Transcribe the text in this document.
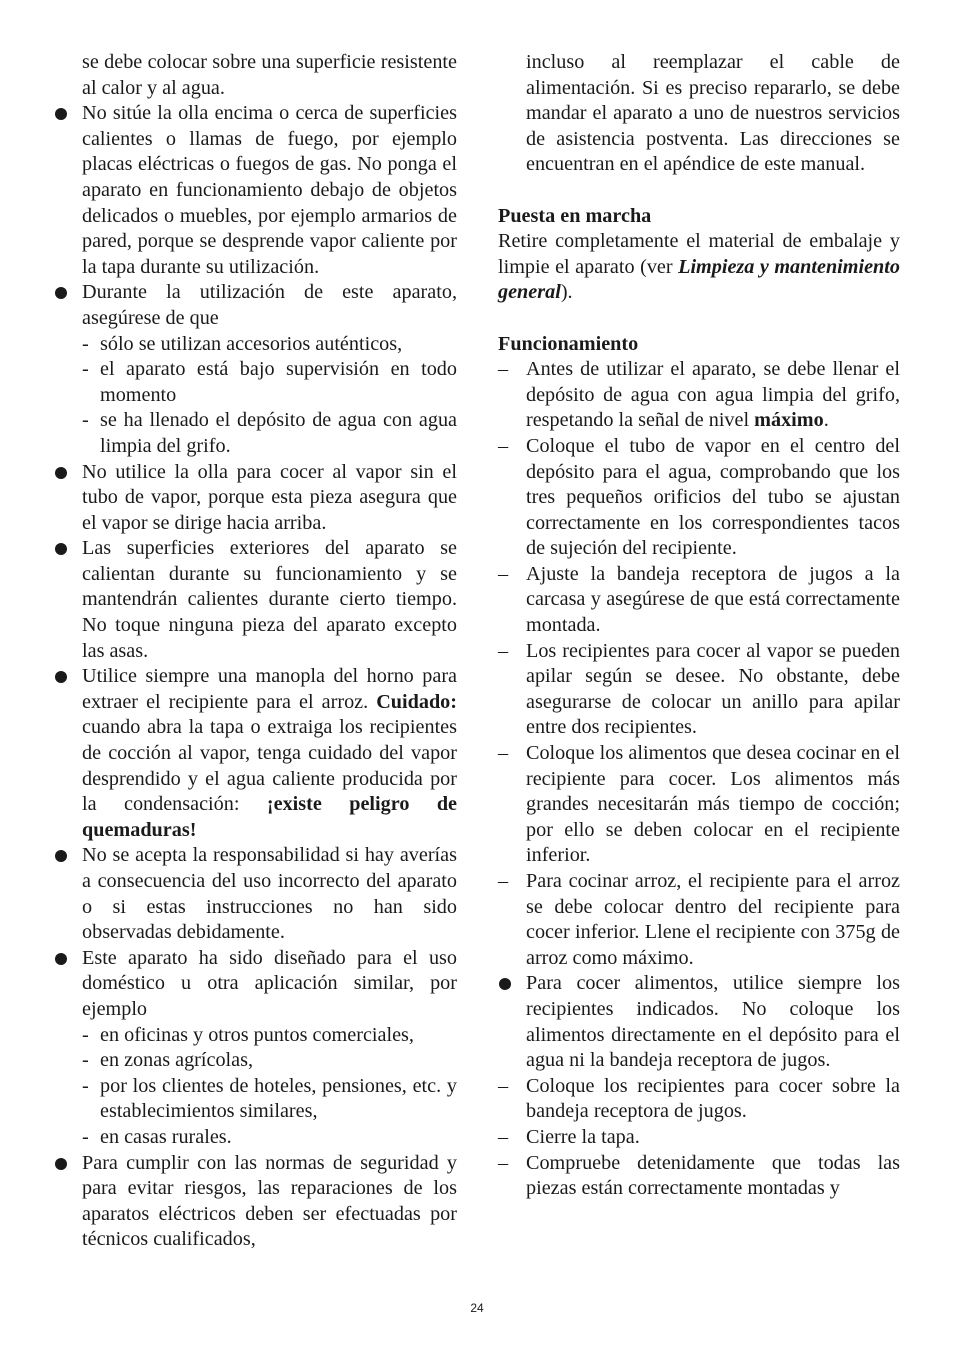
se debe colocar sobre una superficie resistente al calor y al agua.

No sitúe la olla encima o cerca de superficies calientes o llamas de fuego, por ejemplo placas eléctricas o fuegos de gas. No ponga el aparato en funcionamiento debajo de objetos delicados o muebles, por ejemplo armarios de pared, porque se desprende vapor caliente por la tapa durante su utilización.
Durante la utilización de este aparato, asegúrese de que
- sólo se utilizan accesorios auténticos,
- el aparato está bajo supervisión en todo momento
- se ha llenado el depósito de agua con agua limpia del grifo.
No utilice la olla para cocer al vapor sin el tubo de vapor, porque esta pieza asegura que el vapor se dirige hacia arriba.
Las superficies exteriores del aparato se calientan durante su funcionamiento y se mantendrán calientes durante cierto tiempo. No toque ninguna pieza del aparato excepto las asas.
Utilice siempre una manopla del horno para extraer el recipiente para el arroz. Cuidado: cuando abra la tapa o extraiga los recipientes de cocción al vapor, tenga cuidado del vapor desprendido y el agua caliente producida por la condensación: ¡existe peligro de quemaduras!
No se acepta la responsabilidad si hay averías a consecuencia del uso incorrecto del aparato o si estas instrucciones no han sido observadas debidamente.
Este aparato ha sido diseñado para el uso doméstico u otra aplicación similar, por ejemplo
- en oficinas y otros puntos comerciales,
- en zonas agrícolas,
- por los clientes de hoteles, pensiones, etc. y establecimientos similares,
- en casas rurales.
Para cumplir con las normas de seguridad y para evitar riesgos, las reparaciones de los aparatos eléctricos deben ser efectuadas por técnicos cualificados,

incluso al reemplazar el cable de alimentación. Si es preciso repararlo, se debe mandar el aparato a uno de nuestros servicios de asistencia postventa. Las direcciones se encuentran en el apéndice de este manual.

Puesta en marcha

Retire completamente el material de embalaje y limpie el aparato (ver Limpieza y mantenimiento general).

Funcionamiento

– Antes de utilizar el aparato, se debe llenar el depósito de agua con agua limpia del grifo, respetando la señal de nivel máximo.
– Coloque el tubo de vapor en el centro del depósito para el agua, comprobando que los tres pequeños orificios del tubo se ajustan correctamente en los correspondientes tacos de sujeción del recipiente.
– Ajuste la bandeja receptora de jugos a la carcasa y asegúrese de que está correctamente montada.
– Los recipientes para cocer al vapor se pueden apilar según se desee. No obstante, debe asegurarse de colocar un anillo para apilar entre dos recipientes.
– Coloque los alimentos que desea cocinar en el recipiente para cocer. Los alimentos más grandes necesitarán más tiempo de cocción; por ello se deben colocar en el recipiente inferior.
– Para cocinar arroz, el recipiente para el arroz se debe colocar dentro del recipiente para cocer inferior. Llene el recipiente con 375g de arroz como máximo.
Para cocer alimentos, utilice siempre los recipientes indicados. No coloque los alimentos directamente en el depósito para el agua ni la bandeja receptora de jugos.
– Coloque los recipientes para cocer sobre la bandeja receptora de jugos.
– Cierre la tapa.
– Compruebe detenidamente que todas las piezas están correctamente montadas y
24
